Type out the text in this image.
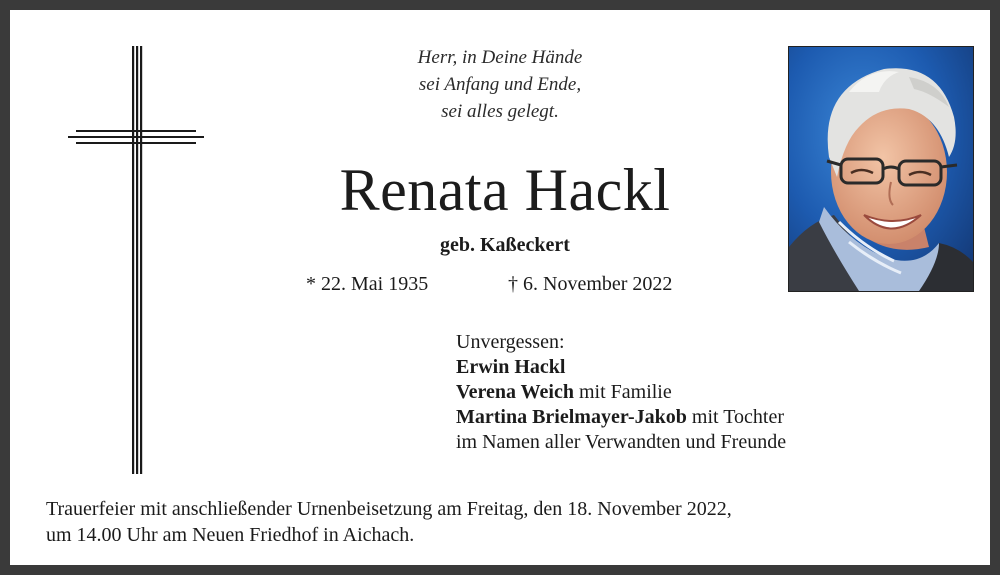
Herr, in Deine Hände
sei Anfang und Ende,
sei alles gelegt.
Renata Hackl
geb. Kaßeckert
* 22. Mai 1935	† 6. November 2022
Unvergessen:
Erwin Hackl
Verena Weich mit Familie
Martina Brielmayer-Jakob mit Tochter
im Namen aller Verwandten und Freunde
Trauerfeier mit anschließender Urnenbeisetzung am Freitag, den 18. November 2022,
um 14.00 Uhr am Neuen Friedhof in Aichach.
